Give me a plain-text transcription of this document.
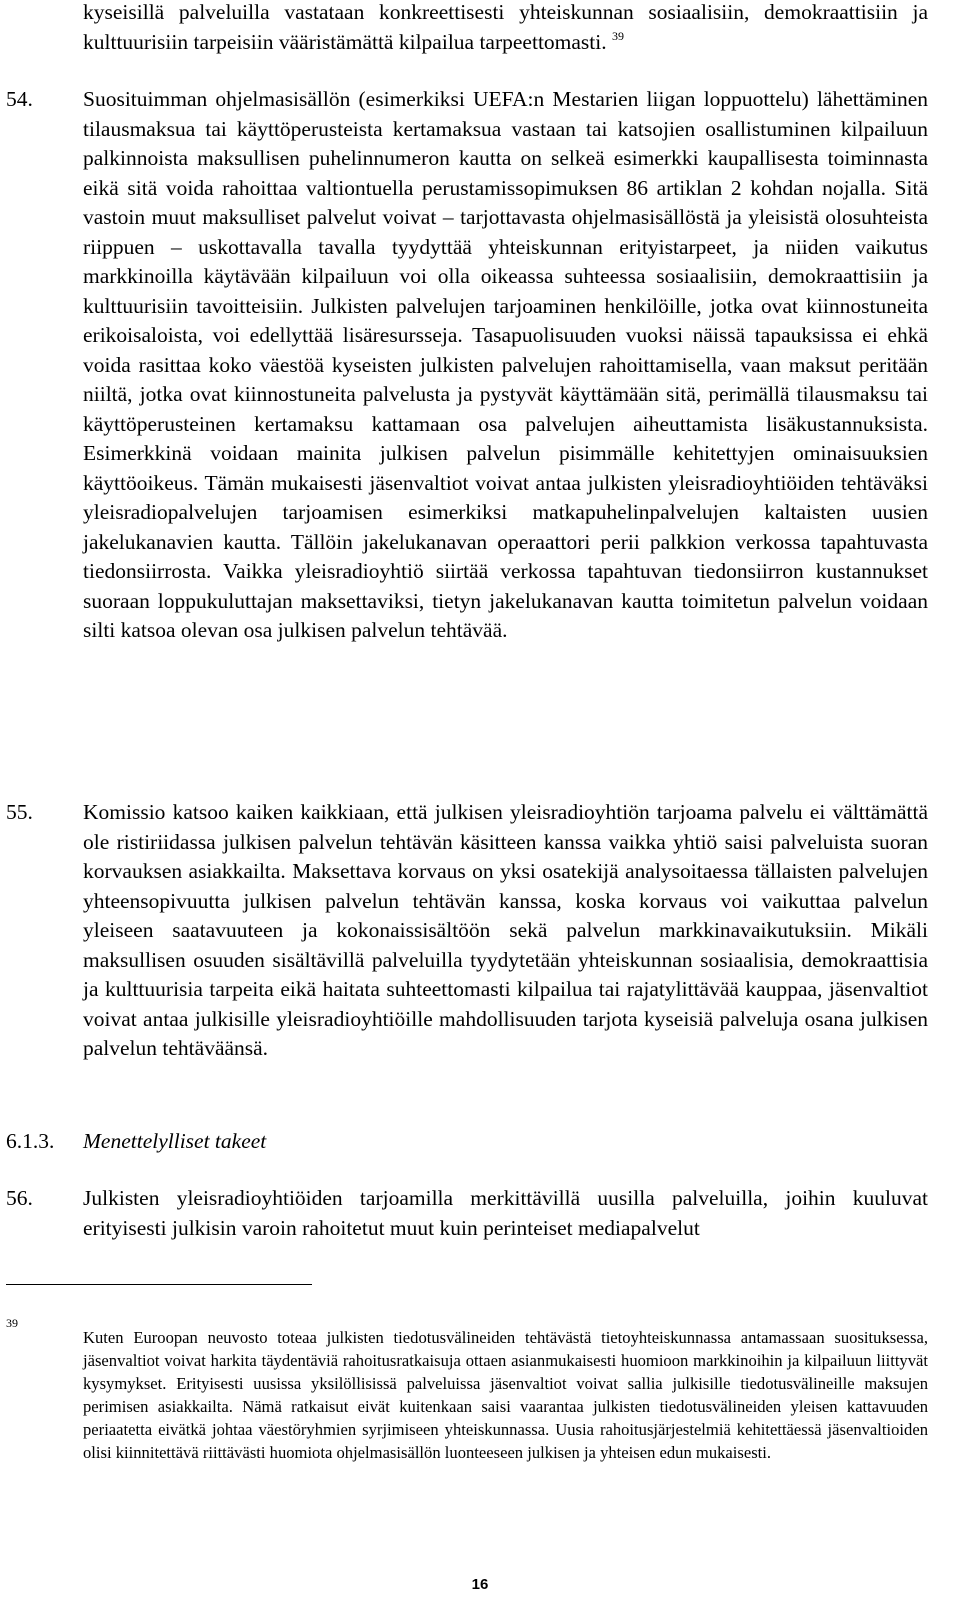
kyseisillä palveluilla vastataan konkreettisesti yhteiskunnan sosiaalisiin, demokraattisiin ja kulttuurisiin tarpeisiin vääristämättä kilpailua tarpeettomasti. $^{39}$
54. Suosituimman ohjelmasisällön (esimerkiksi UEFA:n Mestarien liigan loppuottelu) lähettäminen tilausmaksua tai käyttöperusteista kertamaksua vastaan tai katsojien osallistuminen kilpailuun palkinnoista maksullisen puhelinnumeron kautta on selkeä esimerkki kaupallisesta toiminnasta eikä sitä voida rahoittaa valtiontuella perustamissopimuksen 86 artiklan 2 kohdan nojalla. Sitä vastoin muut maksulliset palvelut voivat – tarjottavasta ohjelmasisällöstä ja yleisistä olosuhteista riippuen – uskottavalla tavalla tyydyttää yhteiskunnan erityistarpeet, ja niiden vaikutus markkinoilla käytävään kilpailuun voi olla oikeassa suhteessa sosiaalisiin, demokraattisiin ja kulttuurisiin tavoitteisiin. Julkisten palvelujen tarjoaminen henkilöille, jotka ovat kiinnostuneita erikoisaloista, voi edellyttää lisäresursseja. Tasapuolisuuden vuoksi näissä tapauksissa ei ehkä voida rasittaa koko väestöä kyseisten julkisten palvelujen rahoittamisella, vaan maksut peritään niiltä, jotka ovat kiinnostuneita palvelusta ja pystyvät käyttämään sitä, perimällä tilausmaksu tai käyttöperusteinen kertamaksu kattamaan osa palvelujen aiheuttamista lisäkustannuksista. Esimerkkinä voidaan mainita julkisen palvelun pisimmälle kehitettyjen ominaisuuksien käyttöoikeus. Tämän mukaisesti jäsenvaltiot voivat antaa julkisten yleisradioyhtiöiden tehtäväksi yleisradiopalvelujen tarjoamisen esimerkiksi matkapuhelinpalvelujen kaltaisten uusien jakelukanavien kautta. Tällöin jakelukanavan operaattori perii palkkion verkossa tapahtuvasta tiedonsiirrosta. Vaikka yleisradioyhtiö siirtää verkossa tapahtuvan tiedonsiirron kustannukset suoraan loppukuluttajan maksettaviksi, tietyn jakelukanavan kautta toimitetun palvelun voidaan silti katsoa olevan osa julkisen palvelun tehtävää.
55. Komissio katsoo kaiken kaikkiaan, että julkisen yleisradioyhtiön tarjoama palvelu ei välttämättä ole ristiriidassa julkisen palvelun tehtävän käsitteen kanssa vaikka yhtiö saisi palveluista suoran korvauksen asiakkailta. Maksettava korvaus on yksi osatekijä analysoitaessa tällaisten palvelujen yhteensopivuutta julkisen palvelun tehtävän kanssa, koska korvaus voi vaikuttaa palvelun yleiseen saatavuuteen ja kokonaissisältöön sekä palvelun markkinavaikutuksiin. Mikäli maksullisen osuuden sisältävillä palveluilla tyydytetään yhteiskunnan sosiaalisia, demokraattisia ja kulttuurisia tarpeita eikä haitata suhteettomasti kilpailua tai rajatylittävää kauppaa, jäsenvaltiot voivat antaa julkisille yleisradioyhtiöille mahdollisuuden tarjota kyseisiä palveluja osana julkisen palvelun tehtäväänsä.
6.1.3. Menettelylliset takeet
56. Julkisten yleisradioyhtiöiden tarjoamilla merkittävillä uusilla palveluilla, joihin kuuluvat erityisesti julkisin varoin rahoitetut muut kuin perinteiset mediapalvelut
39
Kuten Euroopan neuvosto toteaa julkisten tiedotusvälineiden tehtävästä tietoyhteiskunnassa antamassaan suosituksessa, jäsenvaltiot voivat harkita täydentäviä rahoitusratkaisuja ottaen asianmukaisesti huomioon markkinoihin ja kilpailuun liittyvät kysymykset. Erityisesti uusissa yksilöllisissä palveluissa jäsenvaltiot voivat sallia julkisille tiedotusvälineille maksujen perimisen asiakkailta. Nämä ratkaisut eivät kuitenkaan saisi vaarantaa julkisten tiedotusvälineiden yleisen kattavuuden periaatetta eivätkä johtaa väestöryhmien syrjimiseen yhteiskunnassa. Uusia rahoitusjärjestelmiä kehitettäessä jäsenvaltioiden olisi kiinnitettävä riittävästi huomiota ohjelmasisällön luonteeseen julkisen ja yhteisen edun mukaisesti.
16
